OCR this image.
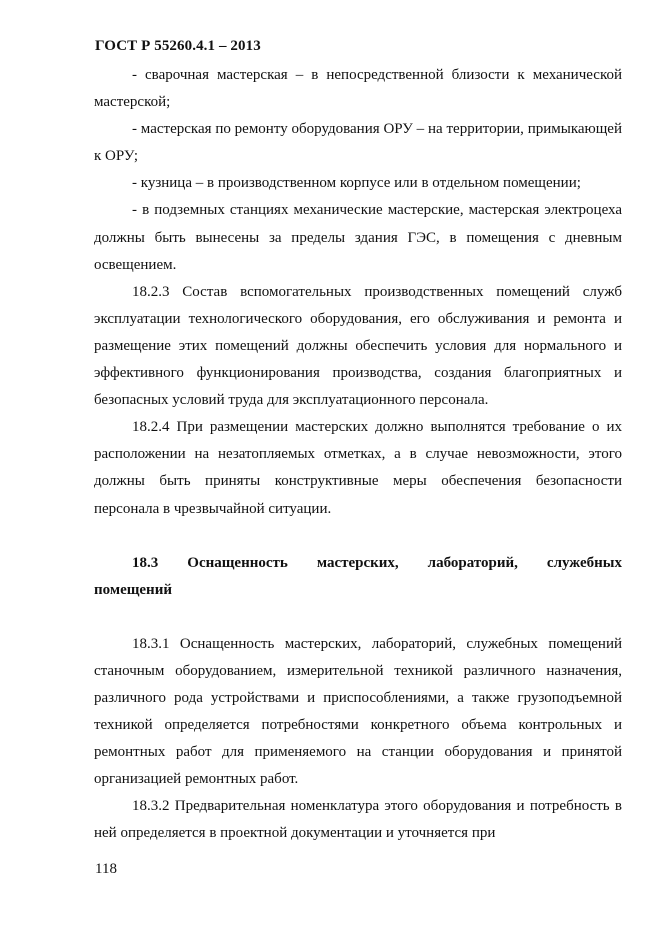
ГОСТ Р 55260.4.1 – 2013

- сварочная мастерская – в непосредственной близости к механической мастерской;

- мастерская по ремонту оборудования ОРУ – на территории, примыкающей к ОРУ;

- кузница – в производственном корпусе или в отдельном помещении;

- в подземных станциях механические мастерские, мастерская электроцеха должны быть вынесены за пределы здания ГЭС, в помещения с дневным освещением.

18.2.3 Состав вспомогательных производственных помещений служб эксплуатации технологического оборудования, его обслуживания и ремонта и размещение этих помещений должны обеспечить условия для нормального и эффективного функционирования производства, создания благоприятных и безопасных условий труда для эксплуатационного персонала.

18.2.4 При размещении мастерских должно выполнятся требование о их расположении на незатопляемых отметках, а в случае невозможности, этого должны быть приняты конструктивные меры обеспечения безопасности персонала в чрезвычайной ситуации.

18.3     Оснащенность     мастерских,     лабораторий,     служебных помещений

18.3.1 Оснащенность мастерских, лабораторий, служебных помещений станочным оборудованием, измерительной техникой различного назначения, различного рода устройствами и приспособлениями, а также грузоподъемной техникой определяется потребностями конкретного объема контрольных и ремонтных работ для применяемого на станции оборудования и принятой организацией ремонтных работ.

18.3.2 Предварительная номенклатура этого оборудования и потребность в ней определяется в проектной документации и уточняется при

118
